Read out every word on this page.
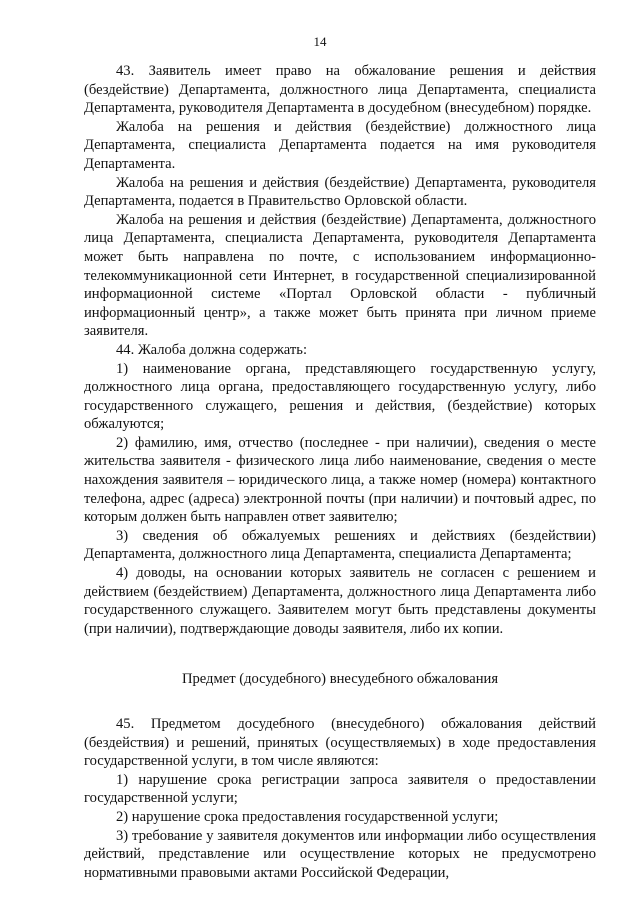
14

43. Заявитель имеет право на обжалование решения и действия (бездействие) Департамента, должностного лица Департамента, специалиста Департамента, руководителя Департамента в досудебном (внесудебном) порядке.

Жалоба на решения и действия (бездействие) должностного лица Департамента, специалиста Департамента подается на имя руководителя Департамента.

Жалоба на решения и действия (бездействие) Департамента, руководителя Департамента, подается в Правительство Орловской области.

Жалоба на решения и действия (бездействие) Департамента, должностного лица Департамента, специалиста Департамента, руководителя Департамента может быть направлена по почте, с использованием информационно-телекоммуникационной сети Интернет, в государственной специализированной информационной системе «Портал Орловской области - публичный информационный центр», а также может быть принята при личном приеме заявителя.

44. Жалоба должна содержать:

1) наименование органа, представляющего государственную услугу, должностного лица органа, предоставляющего государственную услугу, либо государственного служащего, решения и действия, (бездействие) которых обжалуются;

2) фамилию, имя, отчество (последнее - при наличии), сведения о месте жительства заявителя - физического лица либо наименование, сведения о месте нахождения заявителя – юридического лица, а также номер (номера) контактного телефона, адрес (адреса) электронной почты (при наличии) и почтовый адрес, по которым должен быть направлен ответ заявителю;

3) сведения об обжалуемых решениях и действиях (бездействии) Департамента, должностного лица Департамента, специалиста Департамента;

4) доводы, на основании которых заявитель не согласен с решением и действием (бездействием) Департамента, должностного лица Департамента либо государственного служащего. Заявителем могут быть представлены документы (при наличии), подтверждающие доводы заявителя, либо их копии.

Предмет (досудебного) внесудебного обжалования

45. Предметом досудебного (внесудебного) обжалования действий (бездействия) и решений, принятых (осуществляемых) в ходе предоставления государственной услуги, в том числе являются:

1) нарушение срока регистрации запроса заявителя о предоставлении государственной услуги;

2) нарушение срока предоставления государственной услуги;

3) требование у заявителя документов или информации либо осуществления действий, представление или осуществление которых не предусмотрено нормативными правовыми актами Российской Федерации,
